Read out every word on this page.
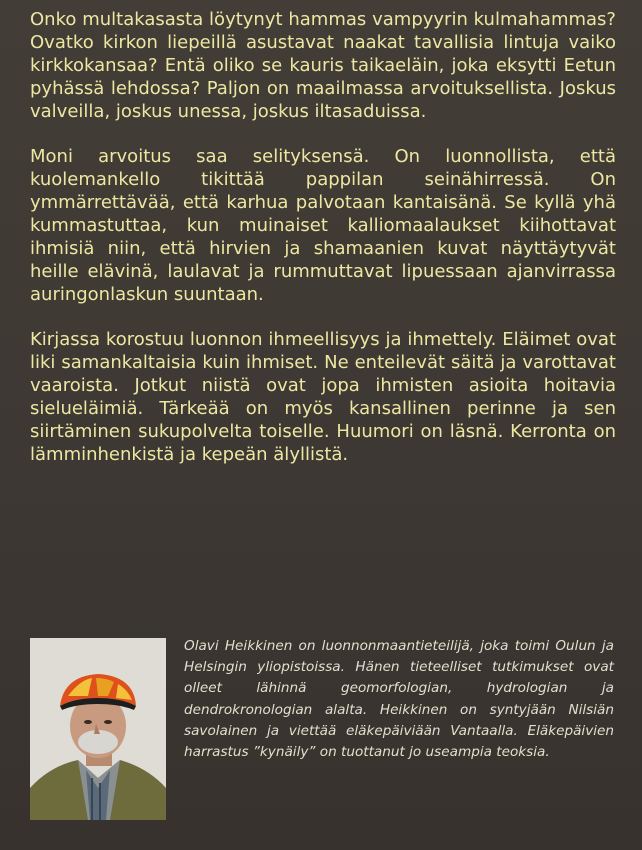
Onko multakasasta löytynyt hammas vampyyrin kulmahammas? Ovatko kirkon liepeillä asustavat naakat tavallisia lintuja vaiko kirkkokansaa? Entä oliko se kauris taikaeläin, joka eksytti Eetun pyhässä lehdossa? Paljon on maailmassa arvoituksellista. Joskus valveilla, joskus unessa, joskus iltasaduissa.

Moni arvoitus saa selityksensä. On luonnollista, että kuolemankello tikittää pappilan seinähirressä. On ymmärrettävää, että karhua palvotaan kantaisänä. Se kyllä yhä kummastuttaa, kun muinaiset kalliomaalaukset kiihottavat ihmisiä niin, että hirvien ja shamaanien kuvat näyttäytyvät heille elävinä, laulavat ja rummuttavat lipuessaan ajanvirrassa auringonlaskun suuntaan.

Kirjassa korostuu luonnon ihmeellisyys ja ihmettely. Eläimet ovat liki samankaltaisia kuin ihmiset. Ne enteilevät säitä ja varottavat vaaroista. Jotkut niistä ovat jopa ihmisten asioita hoitavia sielueläimiä. Tärkeää on myös kansallinen perinne ja sen siirtäminen sukupolvelta toiselle. Huumori on läsnä. Kerronta on lämminhenkistä ja kepeän älyllistä.

Olavi Heikkinen on luonnonmaantieteilijä, joka toimi Oulun ja Helsingin yliopistoissa. Hänen tieteelliset tutkimukset ovat olleet lähinnä geomorfologian, hydrologian ja dendrokronologian alalta. Heikkinen on syntyjään Nilsiän savolainen ja viettää eläkepäiviään Vantaalla. Eläkepäivien harrastus ”kynäily” on tuottanut jo useampia teoksia.
